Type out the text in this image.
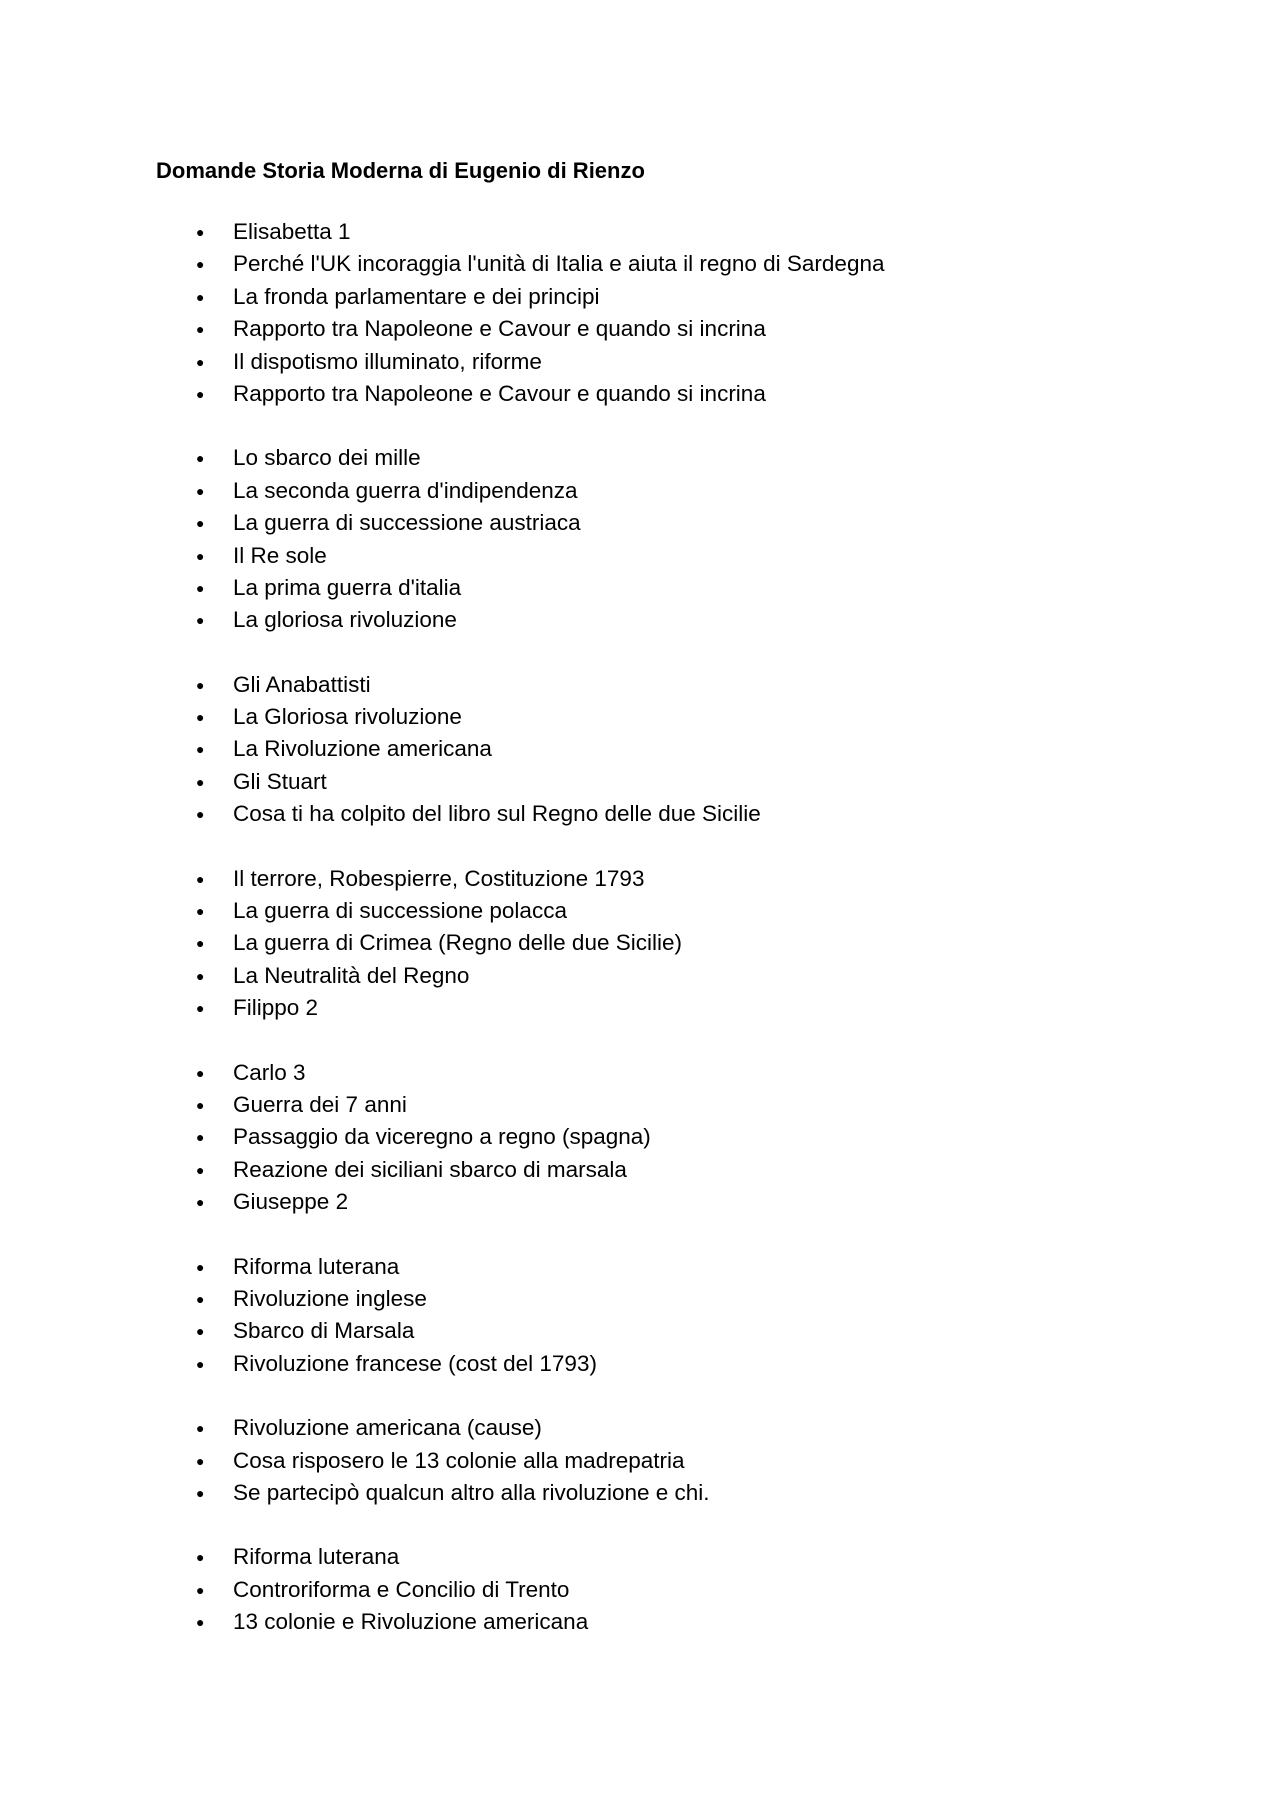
Domande Storia Moderna di Eugenio di Rienzo
● Elisabetta 1
● Perché l'UK incoraggia l'unità di Italia e aiuta il regno di Sardegna
● La fronda parlamentare e dei principi
● Rapporto tra Napoleone e Cavour e quando si incrina
● Il dispotismo illuminato, riforme
● Rapporto tra Napoleone e Cavour e quando si incrina
● Lo sbarco dei mille
● La seconda guerra d'indipendenza
● La guerra di successione austriaca
● Il Re sole
● La prima guerra d'italia
● La gloriosa rivoluzione
● Gli Anabattisti
● La Gloriosa rivoluzione
● La Rivoluzione americana
● Gli Stuart
● Cosa ti ha colpito del libro sul Regno delle due Sicilie
● Il terrore, Robespierre, Costituzione 1793
● La guerra di successione polacca
● La guerra di Crimea (Regno delle due Sicilie)
● La Neutralità del Regno
● Filippo 2
● Carlo 3
● Guerra dei 7 anni
● Passaggio da viceregno a regno (spagna)
● Reazione dei siciliani sbarco di marsala
● Giuseppe 2
● Riforma luterana
● Rivoluzione inglese
● Sbarco di Marsala
● Rivoluzione francese (cost del 1793)
● Rivoluzione americana (cause)
● Cosa risposero le 13 colonie alla madrepatria
● Se partecipò qualcun altro alla rivoluzione e chi.
● Riforma luterana
● Controriforma e Concilio di Trento
● 13 colonie e Rivoluzione americana
